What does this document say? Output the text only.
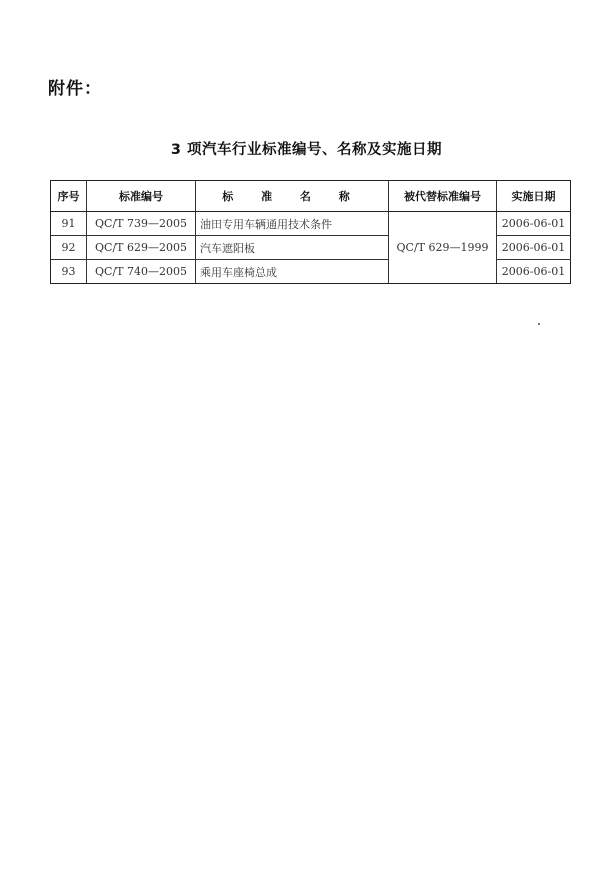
附件：
3 项汽车行业标准编号、名称及实施日期
序号	标准编号	标 准 名 称	被代替标准编号	实施日期
91	QC/T 739—2005	油田专用车辆通用技术条件		2006-06-01
92	QC/T 629—2005	汽车遮阳板	QC/T 629—1999	2006-06-01
93	QC/T 740—2005	乘用车座椅总成		2006-06-01
